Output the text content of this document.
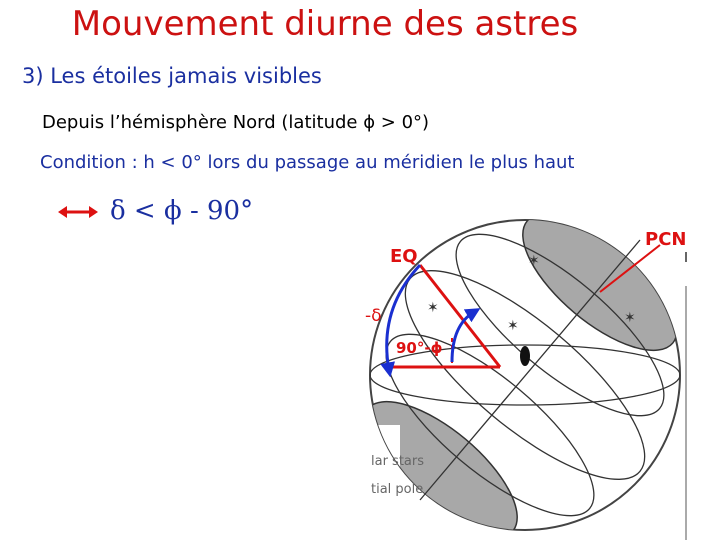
Mouvement diurne des astres
3) Les étoiles jamais visibles
Depuis l’hémisphère Nord (latitude ϕ > 0°)
Condition : h < 0° lors du passage au méridien le plus haut
δ < ϕ - 90°
✶
✶
✶
✶
EQ
PCN
-δ
90°-ϕ
lar stars
tial pole
